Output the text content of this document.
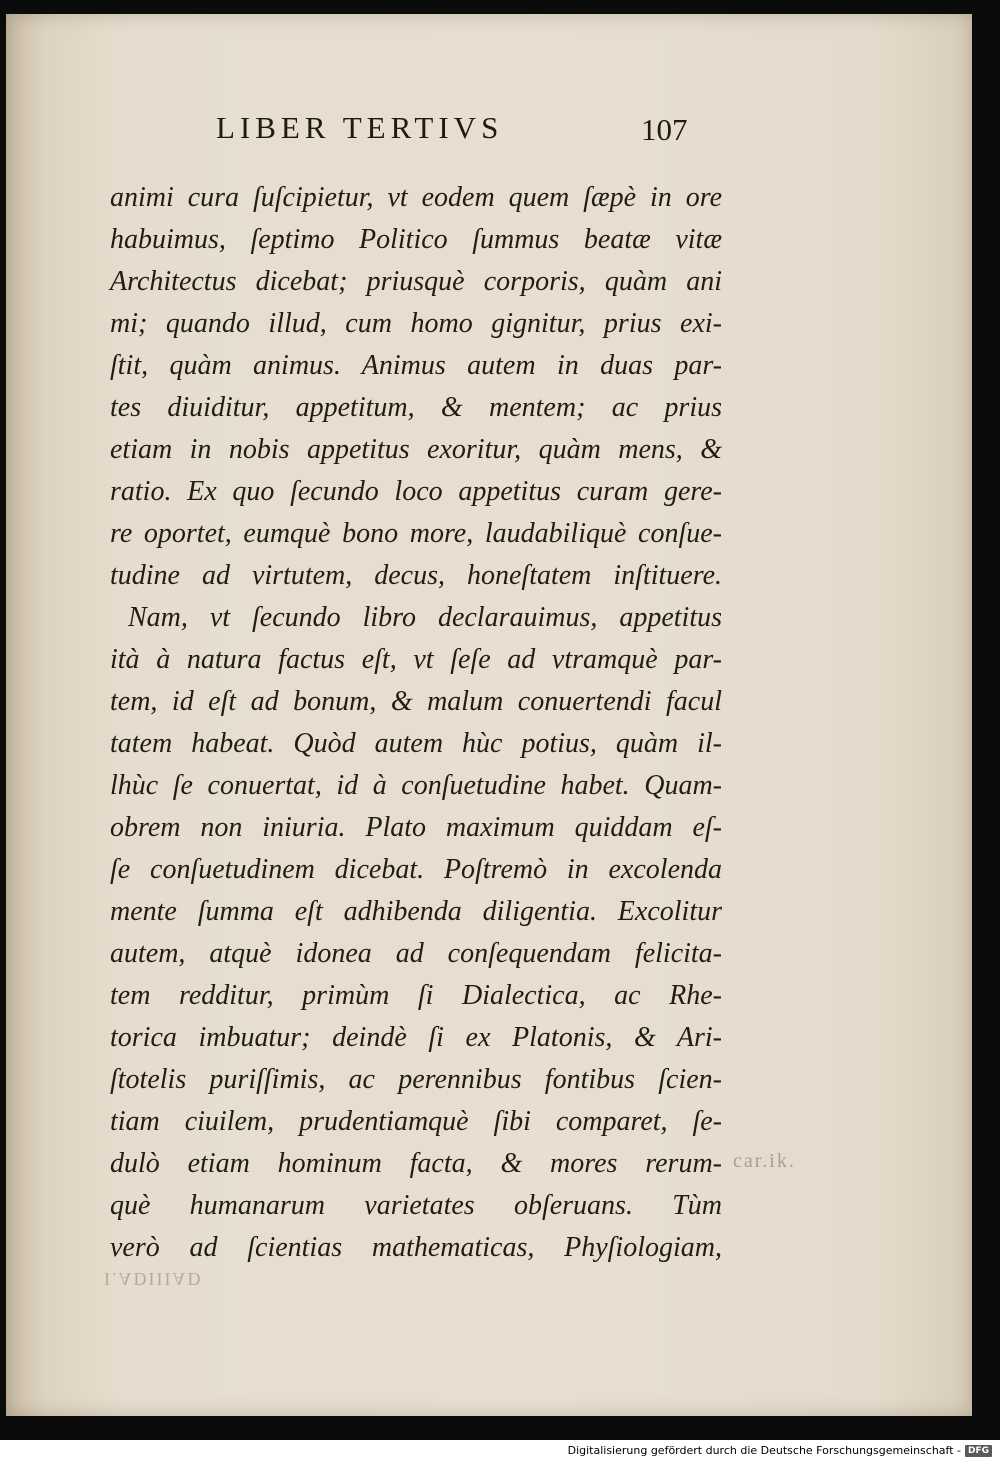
LIBER TERTIVS	107
animi cura ſuſcipietur, vt eodem quem ſæpè in ore
habuimus, ſeptimo Politico ſummus beatæ vitæ
Architectus dicebat; priusquè corporis, quàm ani
mi; quando illud, cum homo gignitur, prius exi-
ſtit, quàm animus. Animus autem in duas par-
tes diuiditur, appetitum, & mentem; ac prius
etiam in nobis appetitus exoritur, quàm mens, &
ratio. Ex quo ſecundo loco appetitus curam gere-
re oportet, eumquè bono more, laudabiliquè conſue-
tudine ad virtutem, decus, honeſtatem inſtituere.
Nam, vt ſecundo libro declarauimus, appetitus
ità à natura factus eſt, vt ſeſe ad vtramquè par-
tem, id eſt ad bonum, & malum conuertendi facul
tatem habeat. Quòd autem hùc potius, quàm il-
lhùc ſe conuertat, id à conſuetudine habet. Quam-
obrem non iniuria. Plato maximum quiddam eſ-
ſe conſuetudinem dicebat. Poſtremò in excolenda
mente ſumma eſt adhibenda diligentia. Excolitur
autem, atquè idonea ad conſequendam felicita-
tem redditur, primùm ſi Dialectica, ac Rhe-
torica imbuatur; deindè ſi ex Platonis, & Ari-
ſtotelis puriſſimis, ac perennibus fontibus ſcien-
tiam ciuilem, prudentiamquè ſibi comparet, ſe-
dulò etiam hominum facta, & mores rerum-
què humanarum varietates obſeruans. Tùm
verò ad ſcientias mathematicas, Phyſiologiam,
car.ik.
I.ADIIIAD
Digitalisierung gefördert durch die Deutsche Forschungsgemeinschaft - DFG
